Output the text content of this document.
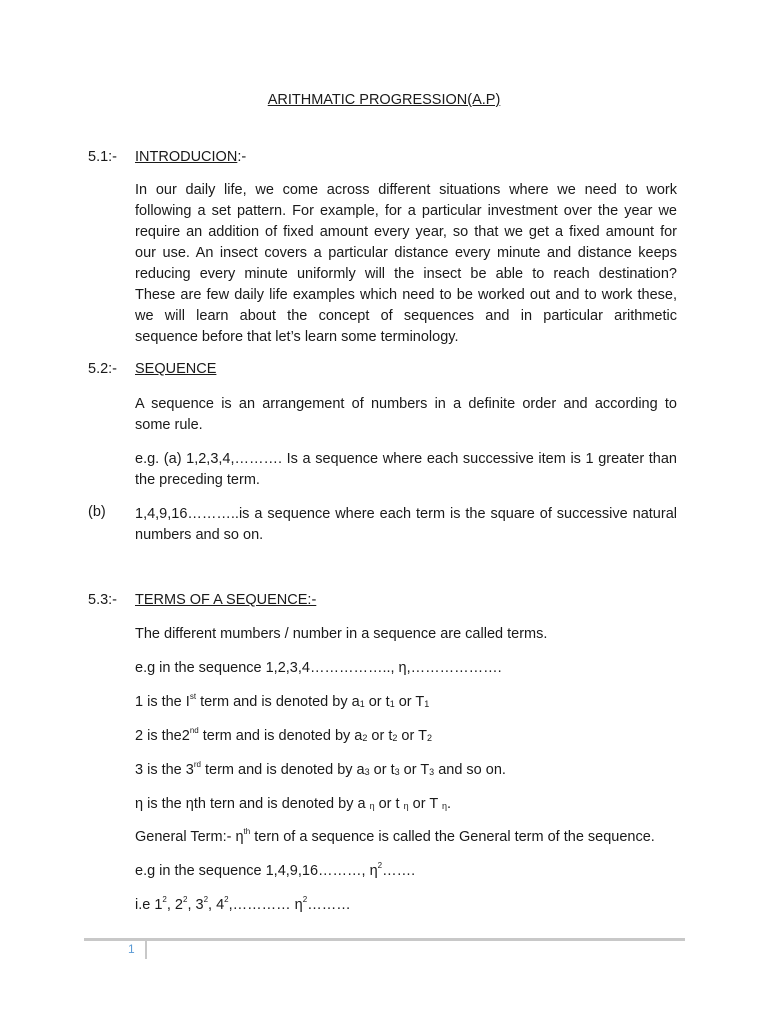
ARITHMATIC PROGRESSION(A.P)
5.1:- INTRODUCION:-
In our daily life, we come across different situations where we need to work
following a set pattern. For example, for a particular investment over the year we
require an addition of fixed amount every year, so that we get a fixed amount for
our use. An insect covers a particular distance every minute and distance keeps
reducing every minute uniformly will the insect be able to reach destination?
These are few daily life examples which need to be worked out and to work these,
we will learn about the concept of sequences and in particular arithmetic
sequence before that let’s learn some terminology.
5.2:- SEQUENCE
A sequence is an arrangement of numbers in a definite order and according to
some rule.
e.g. (a) 1,2,3,4,………. Is a sequence where each successive item is 1 greater than
the preceding term.
(b) 1,4,9,16………..is a sequence where each term is the square of successive natural
numbers and so on.
5.3:- TERMS OF A SEQUENCE:-
The different mumbers / number in a sequence are called terms.
e.g in the sequence 1,2,3,4…………….., η,……………….
1 is the Ist term and is denoted by $a_1$ or $t_1$ or $T_1$
2 is the2nd term and is denoted by $a_2$ or $t_2$ or $T_2$
3 is the 3rd term and is denoted by $a_3$ or $t_3$ or $T_3$ and so on.
η is the ηth tern and is denoted by a $_\eta$ or t $_\eta$ or T $_\eta$.
General Term:- $\eta^{th}$ tern of a sequence is called the General term of the sequence.
e.g in the sequence 1,4,9,16………, $\eta^2\dots\dots$.
i.e $1^2$, $2^2$, $3^2$, $4^2,\dots\dots\dots\dots$ $\eta^2\dots\dots\dots$
1
